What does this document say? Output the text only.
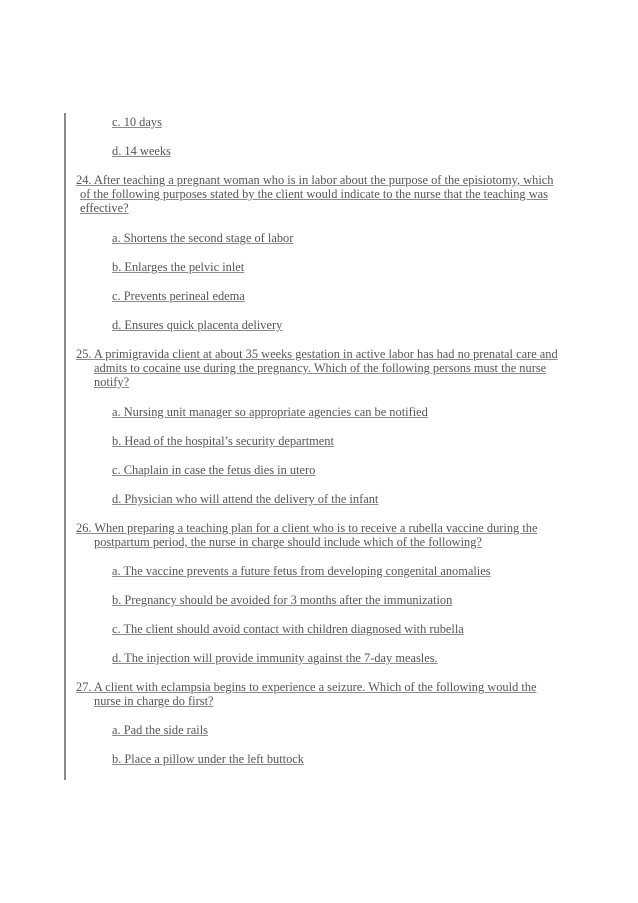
c. 10 days
d. 14 weeks
24. After teaching a pregnant woman who is in labor about the purpose of the episiotomy, which
of the following purposes stated by the client would indicate to the nurse that the teaching was
effective?
a. Shortens the second stage of labor
b. Enlarges the pelvic inlet
c. Prevents perineal edema
d. Ensures quick placenta delivery
25. A primigravida client at about 35 weeks gestation in active labor has had no prenatal care and
admits to cocaine use during the pregnancy. Which of the following persons must the nurse
notify?
a. Nursing unit manager so appropriate agencies can be notified
b. Head of the hospital’s security department
c. Chaplain in case the fetus dies in utero
d. Physician who will attend the delivery of the infant
26. When preparing a teaching plan for a client who is to receive a rubella vaccine during the
postpartum period, the nurse in charge should include which of the following?
a. The vaccine prevents a future fetus from developing congenital anomalies
b. Pregnancy should be avoided for 3 months after the immunization
c. The client should avoid contact with children diagnosed with rubella
d. The injection will provide immunity against the 7-day measles.
27. A client with eclampsia begins to experience a seizure. Which of the following would the
nurse in charge do first?
a. Pad the side rails
b. Place a pillow under the left buttock
